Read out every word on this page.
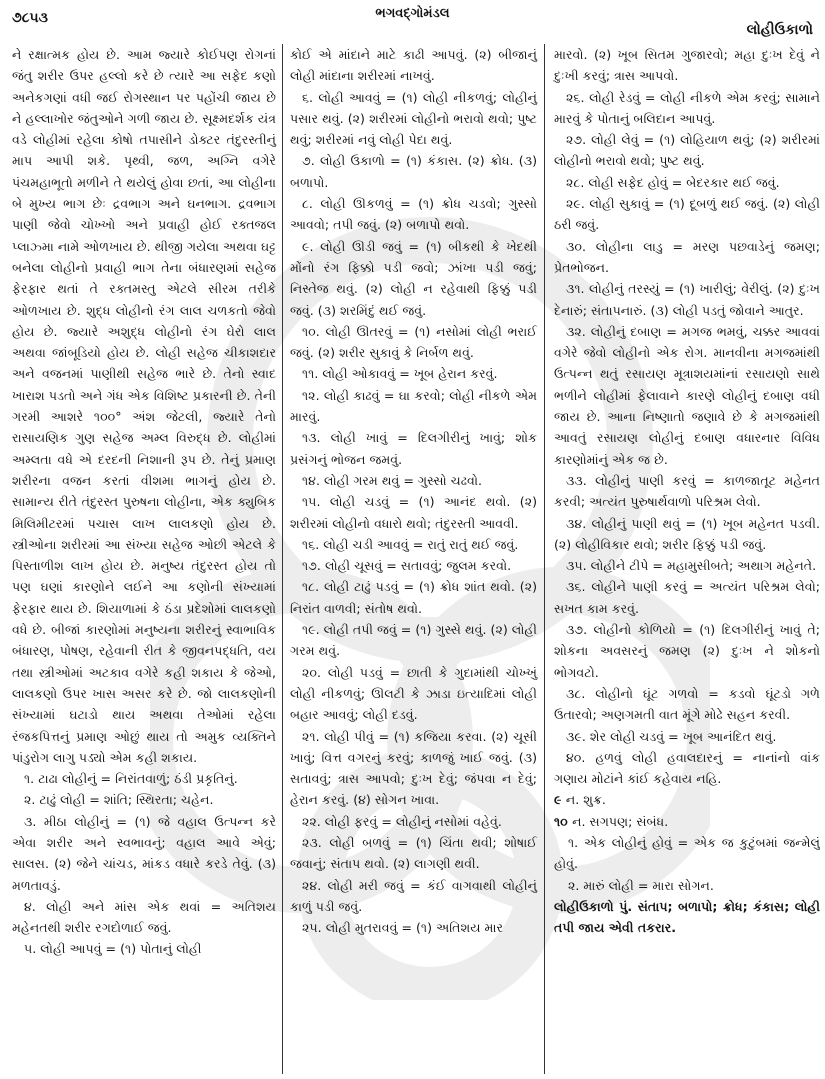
૭૮૫૩	ભગવદ્ગોમંડલ
લોહીઉકાળો

ને રક્ષાત્મક હોય છે. આમ જ્યારે કોઈપણ રોગનાં જંતુ શરીર ઉપર હલ્લો કરે છે ત્યારે આ સફેદ કણો અનેકગણાં વધી જઈ રોગસ્થાન પર પહોંચી જાય છે ને હલ્લાખોર જંતુઓને ગળી જાય છે. સૂક્ષ્મદર્શક યંત્ર વડે લોહીમાં રહેલા કોષો તપાસીને ડોક્ટર તંદુરસ્તીનું માપ આપી શકે. પૃથ્વી, જળ, અગ્નિ વગેરે પંચમહાભૂતો મળીને તે થયેલું હોવા છતાં, આ લોહીના બે મુખ્ય ભાગ છેઃ દ્રવભાગ અને ઘનભાગ. દ્રવભાગ પાણી જેવો ચોખ્ખો અને પ્રવાહી હોઈ રક્તજલ પ્લાઝ્મા નામે ઓળખાય છે. થીજી ગયેલા અથવા ઘટ્ટ બનેલા લોહીનો પ્રવાહી ભાગ તેના બંધારણમાં સહેજ ફેરફાર થતાં તે રક્તમસ્તુ એટલે સીરમ તરીકે ઓળખાય છે. શુદ્ધ લોહીનો રંગ લાલ ચળકતો જેવો હોય છે. જ્યારે અશુદ્ધ લોહીનો રંગ ઘેરો લાલ અથવા જાંબૂડિયો હોય છે. લોહી સહેજ ચીકાશદાર અને વજનમાં પાણીથી સહેજ ભારે છે. તેનો સ્વાદ ખારાશ પડતો અને ગંધ એક વિશિષ્ટ પ્રકારની છે. તેની ગરમી આશરે ૧૦૦° અંશ જેટલી, જ્યારે તેનો રાસાયણિક ગુણ સહેજ અમ્લ વિરુદ્ધ છે. લોહીમાં અમ્લતા વધે એ દરદની નિશાની રૂપ છે. તેનું પ્રમાણ શરીરના વજન કરતાં વીશમા ભાગનું હોય છે. સામાન્ય રીતે તંદુરસ્ત પુરુષના લોહીના, એક ક્યુબિક મિલિમીટરમાં પચાસ લાખ લાલકણો હોય છે. સ્ત્રીઓના શરીરમાં આ સંખ્યા સહેજ ઓછી એટલે કે પિસ્તાળીશ લાખ હોય છે. મનુષ્ય તંદુરસ્ત હોય તો પણ ઘણાં કારણોને લઈને આ કણોની સંખ્યામાં ફેરફાર થાય છે. શિયાળામાં કે ઠંડા પ્રદેશોમાં લાલકણો વધે છે. બીજાં કારણોમાં મનુષ્યના શરીરનું સ્વાભાવિક બંધારણ, પોષણ, રહેવાની રીત કે જીવનપદ્ધતિ, વય તથા સ્ત્રીઓમાં અટકાવ વગેરે કહી શકાય કે જેઓ, લાલકણો ઉપર ખાસ અસર કરે છે. જો લાલકણોની સંખ્યામાં ઘટાડો થાય અથવા તેઓમાં રહેલા રંજકપિત્તનું પ્રમાણ ઓછું થાય તો અમુક વ્યક્તિને પાંડુરોગ લાગુ પડ્યો એમ કહી શકાય.

૧. ટાઢા લોહીનું = નિરાંતવાળું; ઠંડી પ્રકૃતિનું.

૨. ટાઢું લોહી = શાંતિ; સ્થિરતા; ચહેન.

૩. મીઠા લોહીનું = (૧) જે વહાલ ઉત્પન્ન કરે એવા શરીર અને સ્વભાવનું; વહાલ આવે એવું; સાલસ. (૨) જેને ચાંચડ, માંકડ વધારે કરડે તેવું. (૩) મળતાવડું.

૪. લોહી અને માંસ એક થવાં = અતિશય મહેનતથી શરીર રગદોળાઈ જવું.

૫. લોહી આપવું = (૧) પોતાનું લોહી

કોઈ એ માંદાને માટે કાઢી આપવું. (૨) બીજાનું લોહી માંદાના શરીરમાં નાખવું.

૬. લોહી આવવું = (૧) લોહી નીકળવું; લોહીનું પસાર થવું. (૨) શરીરમાં લોહીનો ભરાવો થવો; પુષ્ટ થવું; શરીરમાં નવું લોહી પેદા થવું.

૭. લોહી ઉકાળો = (૧) કંકાસ. (૨) ક્રોધ. (૩) બળાપો.

૮. લોહી ઊકળવું = (૧) ક્રોધ ચડવો; ગુસ્સો આવવો; તપી જવું. (૨) બળાપો થવો.

૯. લોહી ઊડી જવું = (૧) બીકથી કે ખેદથી મોંનો રંગ ફિક્કો પડી જવો; ઝાંખા પડી જવું; નિસ્તેજ થવું. (૨) લોહી ન રહેવાથી ફિક્કું પડી જવું. (૩) શરમિંદું થઈ જવું.

૧૦. લોહી ઊતરવું = (૧) નસોમાં લોહી ભરાઈ જવું. (૨) શરીર સુકાવું કે નિર્બળ થવું.

૧૧. લોહી ઓકાવવું = ખૂબ હેરાન કરવું.

૧૨. લોહી કાઢવું = ઘા કરવો; લોહી નીકળે એમ મારવું.

૧૩. લોહી ખાવું = દિલગીરીનું ખાવું; શોક પ્રસંગનું ભોજન જમવું.

૧૪. લોહી ગરમ થવું = ગુસ્સો ચઢવો.

૧૫. લોહી ચડવું = (૧) આનંદ થવો. (૨) શરીરમાં લોહીનો વધારો થવો; તંદુરસ્તી આવવી.

૧૬. લોહી ચડી આવવું = રાતું રાતું થઈ જવું.

૧૭. લોહી ચૂસવું = સતાવવું; જુલમ કરવો.

૧૮. લોહી ટાઢું પડવું = (૧) ક્રોધ શાંત થવો. (૨) નિરાંત વાળવી; સંતોષ થવો.

૧૯. લોહી તપી જવું = (૧) ગુસ્સે થવું. (૨) લોહી ગરમ થવું.

૨૦. લોહી પડવું = છાતી કે ગુદામાંથી ચોખ્ખું લોહી નીકળવું; ઊલટી કે ઝાડા ઇત્યાદિમાં લોહી બહાર આવવું; લોહી દડવું.

૨૧. લોહી પીવું = (૧) કજિયા કરવા. (૨) ચૂસી ખાવું; વિત્ત વગરનું કરવું; કાળજું ખાઈ જવું. (૩) સતાવવું; ત્રાસ આપવો; દુઃખ દેવું; જંપવા ન દેવું; હેરાન કરવું. (૪) સોગન ખાવા.

૨૨. લોહી ફરવું = લોહીનું નસોમાં વહેવું.

૨૩. લોહી બળવું = (૧) ચિંતા થવી; શોષાઈ જવાનું; સંતાપ થવો. (૨) લાગણી થવી.

૨૪. લોહી મરી જવું = કંઈ વાગવાથી લોહીનું કાળું પડી જવું.

૨૫. લોહી મુતરાવવું = (૧) અતિશય માર

મારવો. (૨) ખૂબ સિતમ ગુજારવો; મહા દુઃખ દેવું ને દુઃખી કરવું; ત્રાસ આપવો.

૨૬. લોહી રેડવું = લોહી નીકળે એમ કરવું; સામાને મારવું કે પોતાનું બલિદાન આપવું.

૨૭. લોહી લેવું = (૧) લોહિયાળ થવું; (૨) શરીરમાં લોહીનો ભરાવો થવો; પુષ્ટ થવું.

૨૮. લોહી સફેદ હોવું = બેદરકાર થઈ જવું.

૨૯. લોહી સુકાવું = (૧) દૂબળું થઈ જવું. (૨) લોહી ઠરી જવું.

૩૦. લોહીના લાડુ = મરણ પછવાડેનું જમણ; પ્રેતભોજન.

૩૧. લોહીનું તરસ્યું = (૧) ખારીલું; વેરીલું. (૨) દુઃખ દેનારું; સંતાપનારું. (૩) લોહી પડતું જોવાને આતુર.

૩૨. લોહીનું દબાણ = મગજ ભમવું, ચક્કર આવવાં વગેરે જેવો લોહીનો એક રોગ. માનવીના મગજમાંથી ઉત્પન્ન થતું રસાયણ મૂત્રાશયમાંનાં રસાયણો સાથે ભળીને લોહીમાં ફેલાવાને કારણે લોહીનું દબાણ વધી જાય છે. આના નિષ્ણાતો જણાવે છે કે મગજમાંથી આવતું રસાયણ લોહીનું દબાણ વધારનાર વિવિધ કારણોમાંનું એક જ છે.

૩૩. લોહીનું પાણી કરવું = કાળજાતૂટ મહેનત કરવી; અત્યંત પુરુષાર્થવાળો પરિશ્રમ લેવો.

૩૪. લોહીનું પાણી થવું = (૧) ખૂબ મહેનત પડવી. (૨) લોહીવિકાર થવો; શરીર ફિક્કું પડી જવું.

૩૫. લોહીને ટીપે = મહામુસીબતે; અથાગ મહેનતે.

૩૬. લોહીને પાણી કરવું = અત્યંત પરિશ્રમ લેવો; સખત કામ કરવું.

૩૭. લોહીનો કોળિયો = (૧) દિલગીરીનું ખાવું તે; શોકના અવસરનું જમણ (૨) દુઃખ ને શોકનો ભોગવટો.

૩૮. લોહીનો ઘૂંટ ગળવો = કડવો ઘૂંટડો ગળે ઉતારવો; અણગમતી વાત મૂંગે મોઢે સહન કરવી.

૩૯. શેર લોહી ચડવું = ખૂબ આનંદિત થવું.

૪૦. હળવું લોહી હવાલદારનું = નાનાંનો વાંક ગણાય મોટાંને કાંઈ કહેવાય નહિ.

૯ ન. શુક્ર.

૧૦ ન. સગપણ; સંબંધ.

૧. એક લોહીનું હોવું = એક જ કુટુંબમાં જન્મેલું હોવું.

૨. મારું લોહી = મારા સોગન.

લોહીઉકાળો પું. સંતાપ; બળાપો; ક્રોધ; કંકાસ; લોહી તપી જાય એવી તકરાર.
